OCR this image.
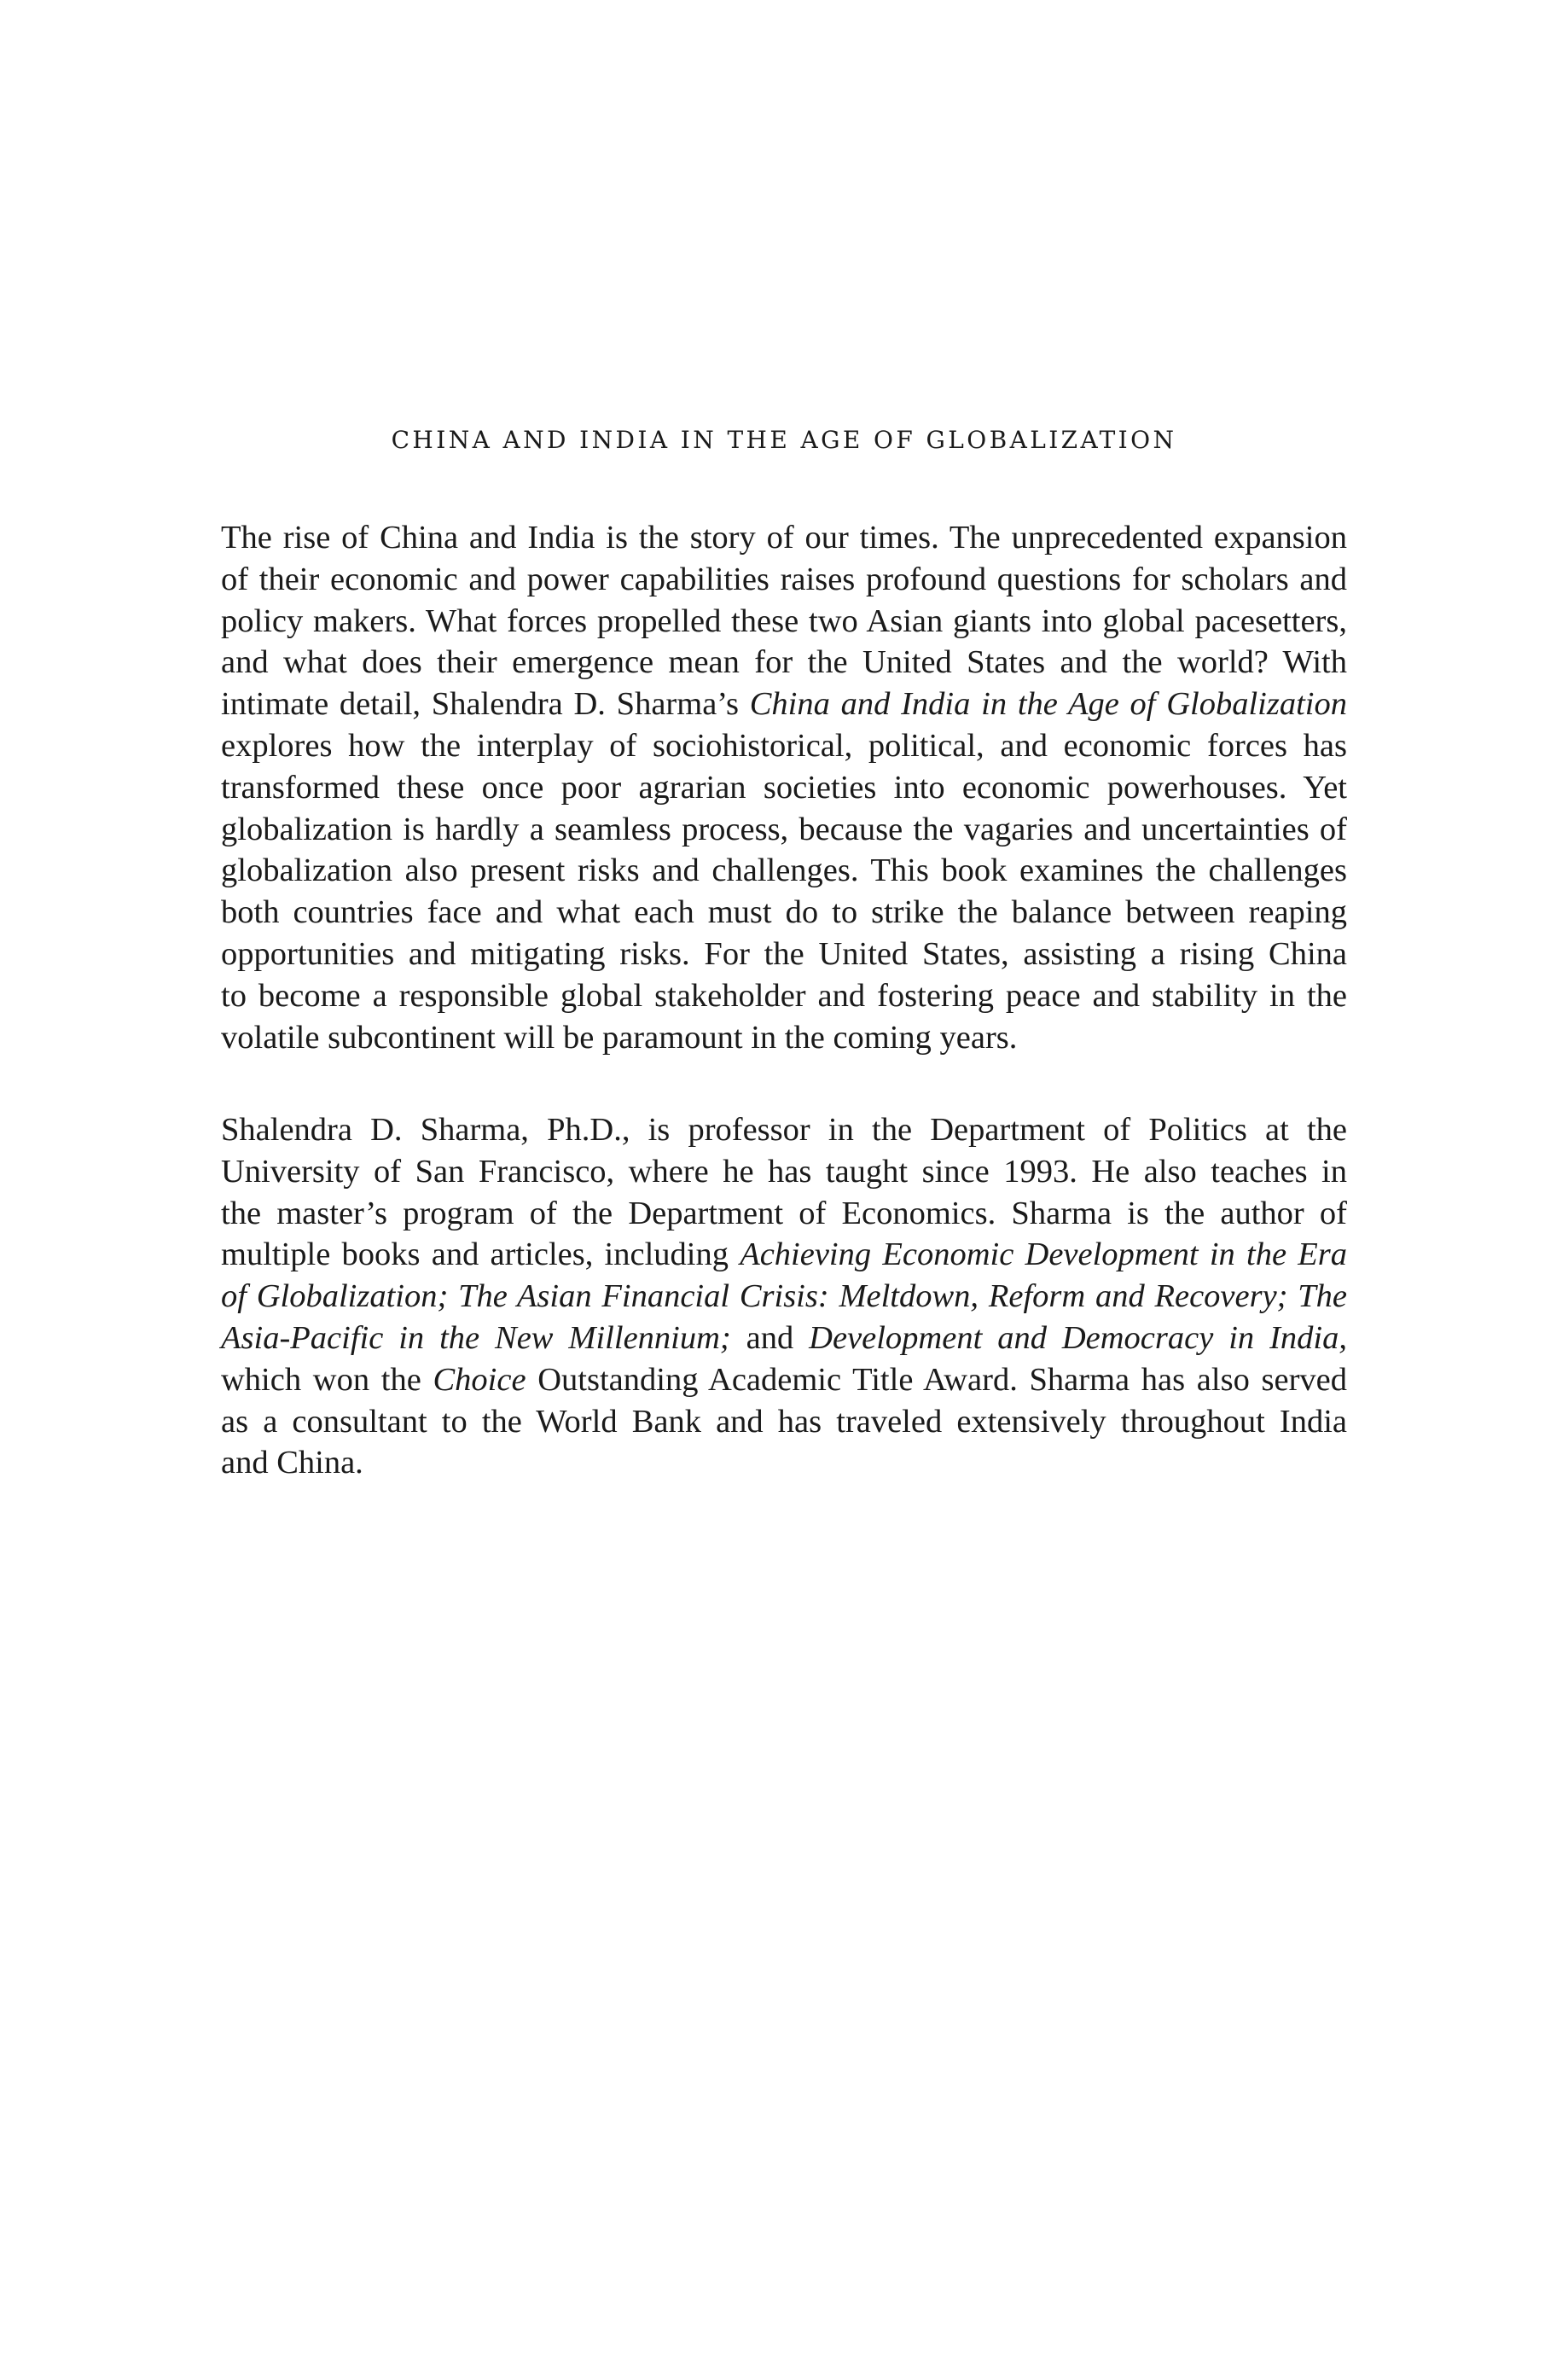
CHINA AND INDIA IN THE AGE OF GLOBALIZATION
The rise of China and India is the story of our times. The unprecedented expansion
of their economic and power capabilities raises profound questions for scholars and
policy makers. What forces propelled these two Asian giants into global pacesetters,
and what does their emergence mean for the United States and the world? With
intimate detail, Shalendra D. Sharma’s China and India in the Age of Globalization
explores how the interplay of sociohistorical, political, and economic forces has
transformed these once poor agrarian societies into economic powerhouses. Yet
globalization is hardly a seamless process, because the vagaries and uncertainties of
globalization also present risks and challenges. This book examines the challenges
both countries face and what each must do to strike the balance between reaping
opportunities and mitigating risks. For the United States, assisting a rising China
to become a responsible global stakeholder and fostering peace and stability in the
volatile subcontinent will be paramount in the coming years.
Shalendra D. Sharma, Ph.D., is professor in the Department of Politics at the
University of San Francisco, where he has taught since 1993. He also teaches in
the master’s program of the Department of Economics. Sharma is the author of
multiple books and articles, including Achieving Economic Development in the Era
of Globalization; The Asian Financial Crisis: Meltdown, Reform and Recovery; The
Asia-Pacific in the New Millennium; and Development and Democracy in India,
which won the Choice Outstanding Academic Title Award. Sharma has also served
as a consultant to the World Bank and has traveled extensively throughout India
and China.
